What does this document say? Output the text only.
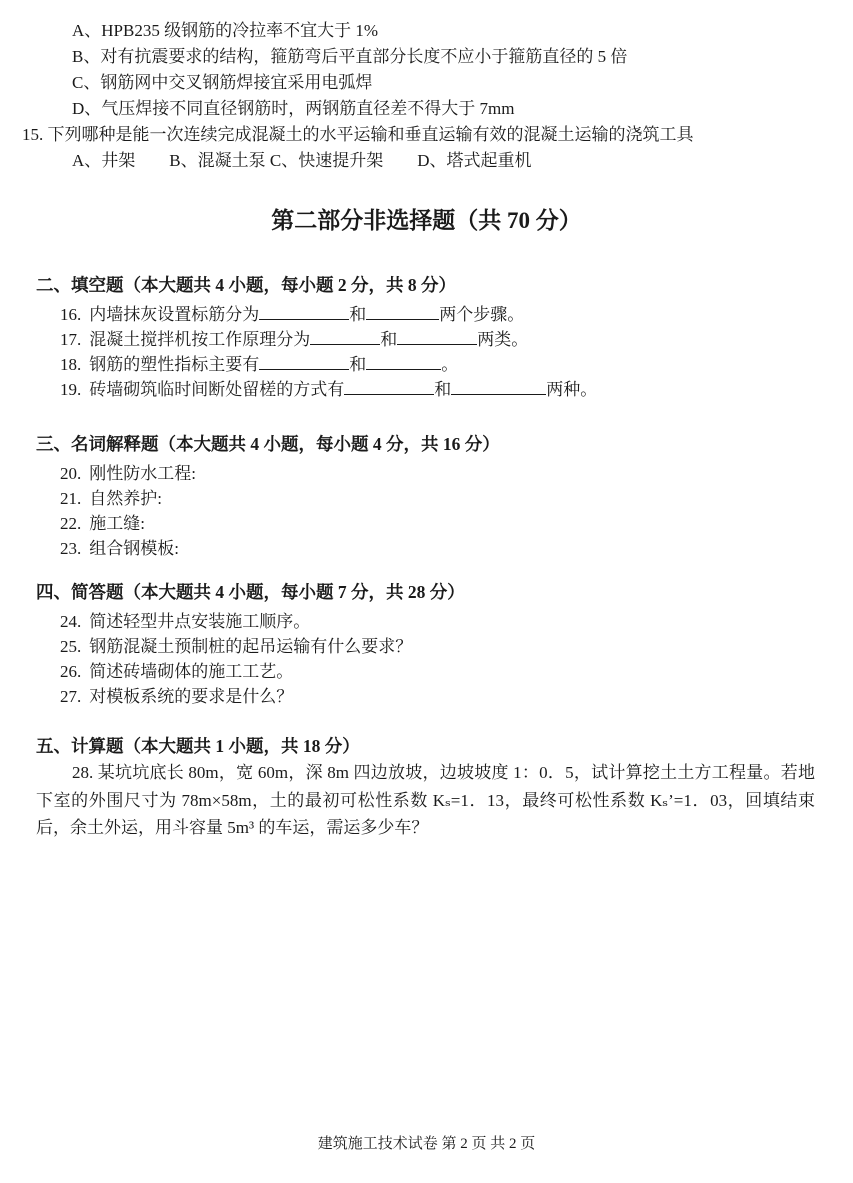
A、HPB235 级钢筋的冷拉率不宜大于 1%
B、对有抗震要求的结构，箍筋弯后平直部分长度不应小于箍筋直径的 5 倍
C、钢筋网中交叉钢筋焊接宜采用电弧焊
D、气压焊接不同直径钢筋时，两钢筋直径差不得大于 7mm
15. 下列哪种是能一次连续完成混凝土的水平运输和垂直运输有效的混凝土运输的浇筑工具
A、井架　　B、混凝土泵 C、快速提升架　　D、塔式起重机
第二部分非选择题（共 70 分）
二、填空题（本大题共 4 小题，每小题 2 分，共 8 分）
16. 内墙抹灰设置标筋分为	和	两个步骤。
17. 混凝土搅拌机按工作原理分为	和	两类。
18. 钢筋的塑性指标主要有	和	。
19. 砖墙砌筑临时间断处留槎的方式有	和	两种。
三、名词解释题（本大题共 4 小题，每小题 4 分，共 16 分）
20. 刚性防水工程:
21. 自然养护:
22. 施工缝:
23. 组合钢模板:
四、简答题（本大题共 4 小题，每小题 7 分，共 28 分）
24. 简述轻型井点安装施工顺序。
25. 钢筋混凝土预制桩的起吊运输有什么要求？
26. 简述砖墙砌体的施工工艺。
27. 对模板系统的要求是什么？
五、计算题（本大题共 1 小题，共 18 分）

28. 某坑坑底长 80m，宽 60m，深 8m 四边放坡，边坡坡度 1：0．5，试计算挖土土方工程量。若地下室的外围尺寸为 78m×58m，土的最初可松性系数 Kₛ=1．13，最终可松性系数 Kₛ’=1．03，回填结束后，余土外运，用斗容量 5m³ 的车运，需运多少车？

建筑施工技术试卷 第 2 页 共 2 页
